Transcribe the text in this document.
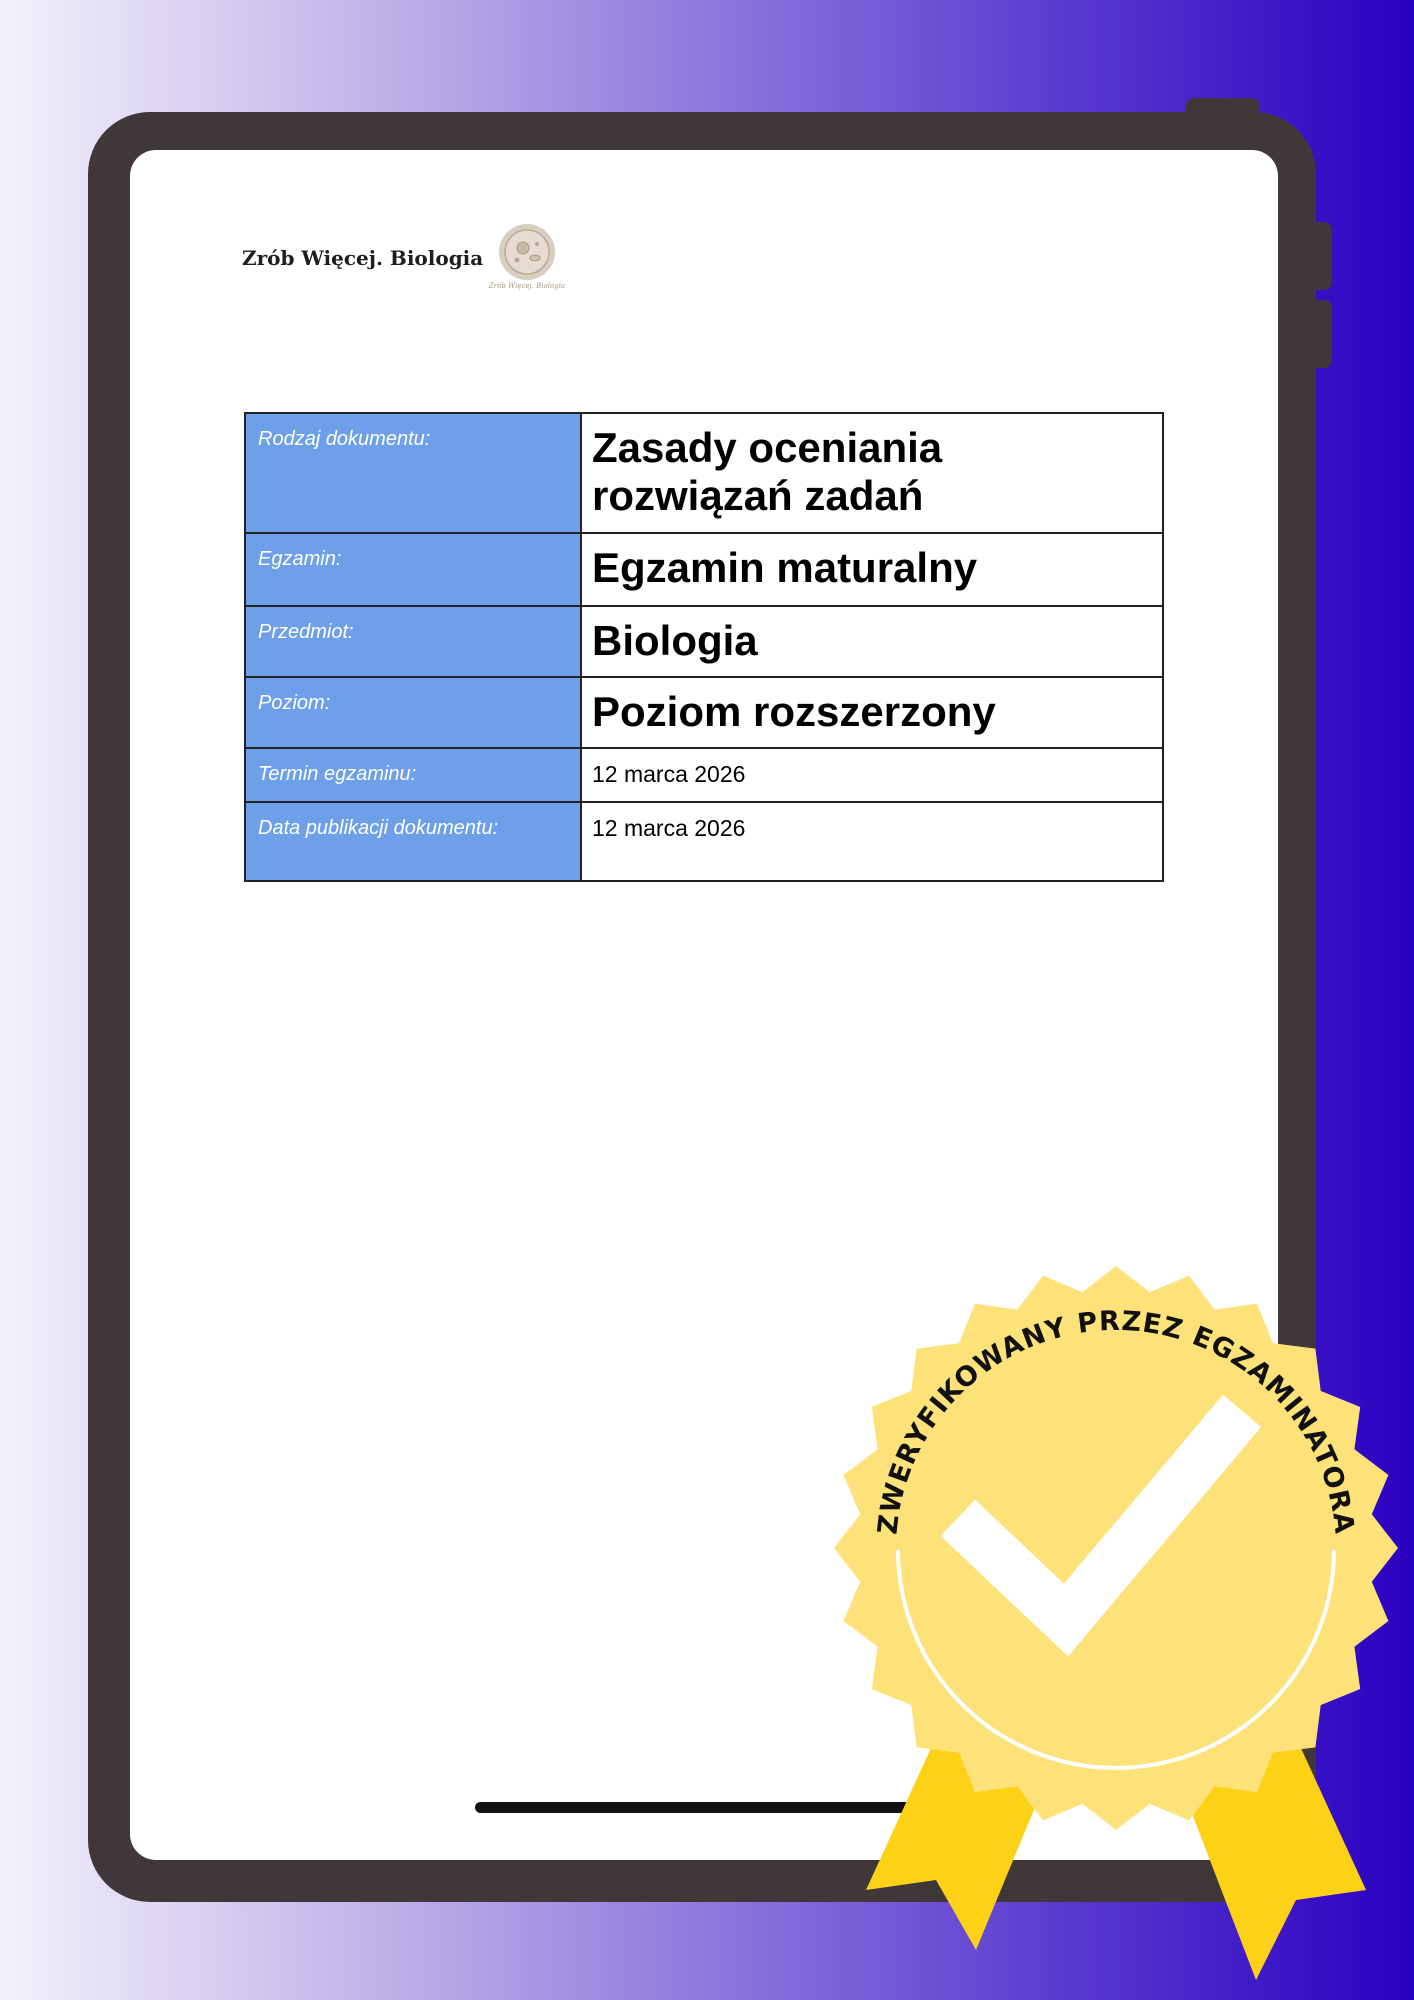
Zrób Więcej. Biologia
Zrób Więcej. Biologia
Rodzaj dokumentu:	Zasady oceniania rozwiązań zadań
Egzamin:	Egzamin maturalny
Przedmiot:	Biologia
Poziom:	Poziom rozszerzony
Termin egzaminu:	12 marca 2026
Data publikacji dokumentu:	12 marca 2026
ZWERYFIKOWANY PRZEZ EGZAMINATORA
